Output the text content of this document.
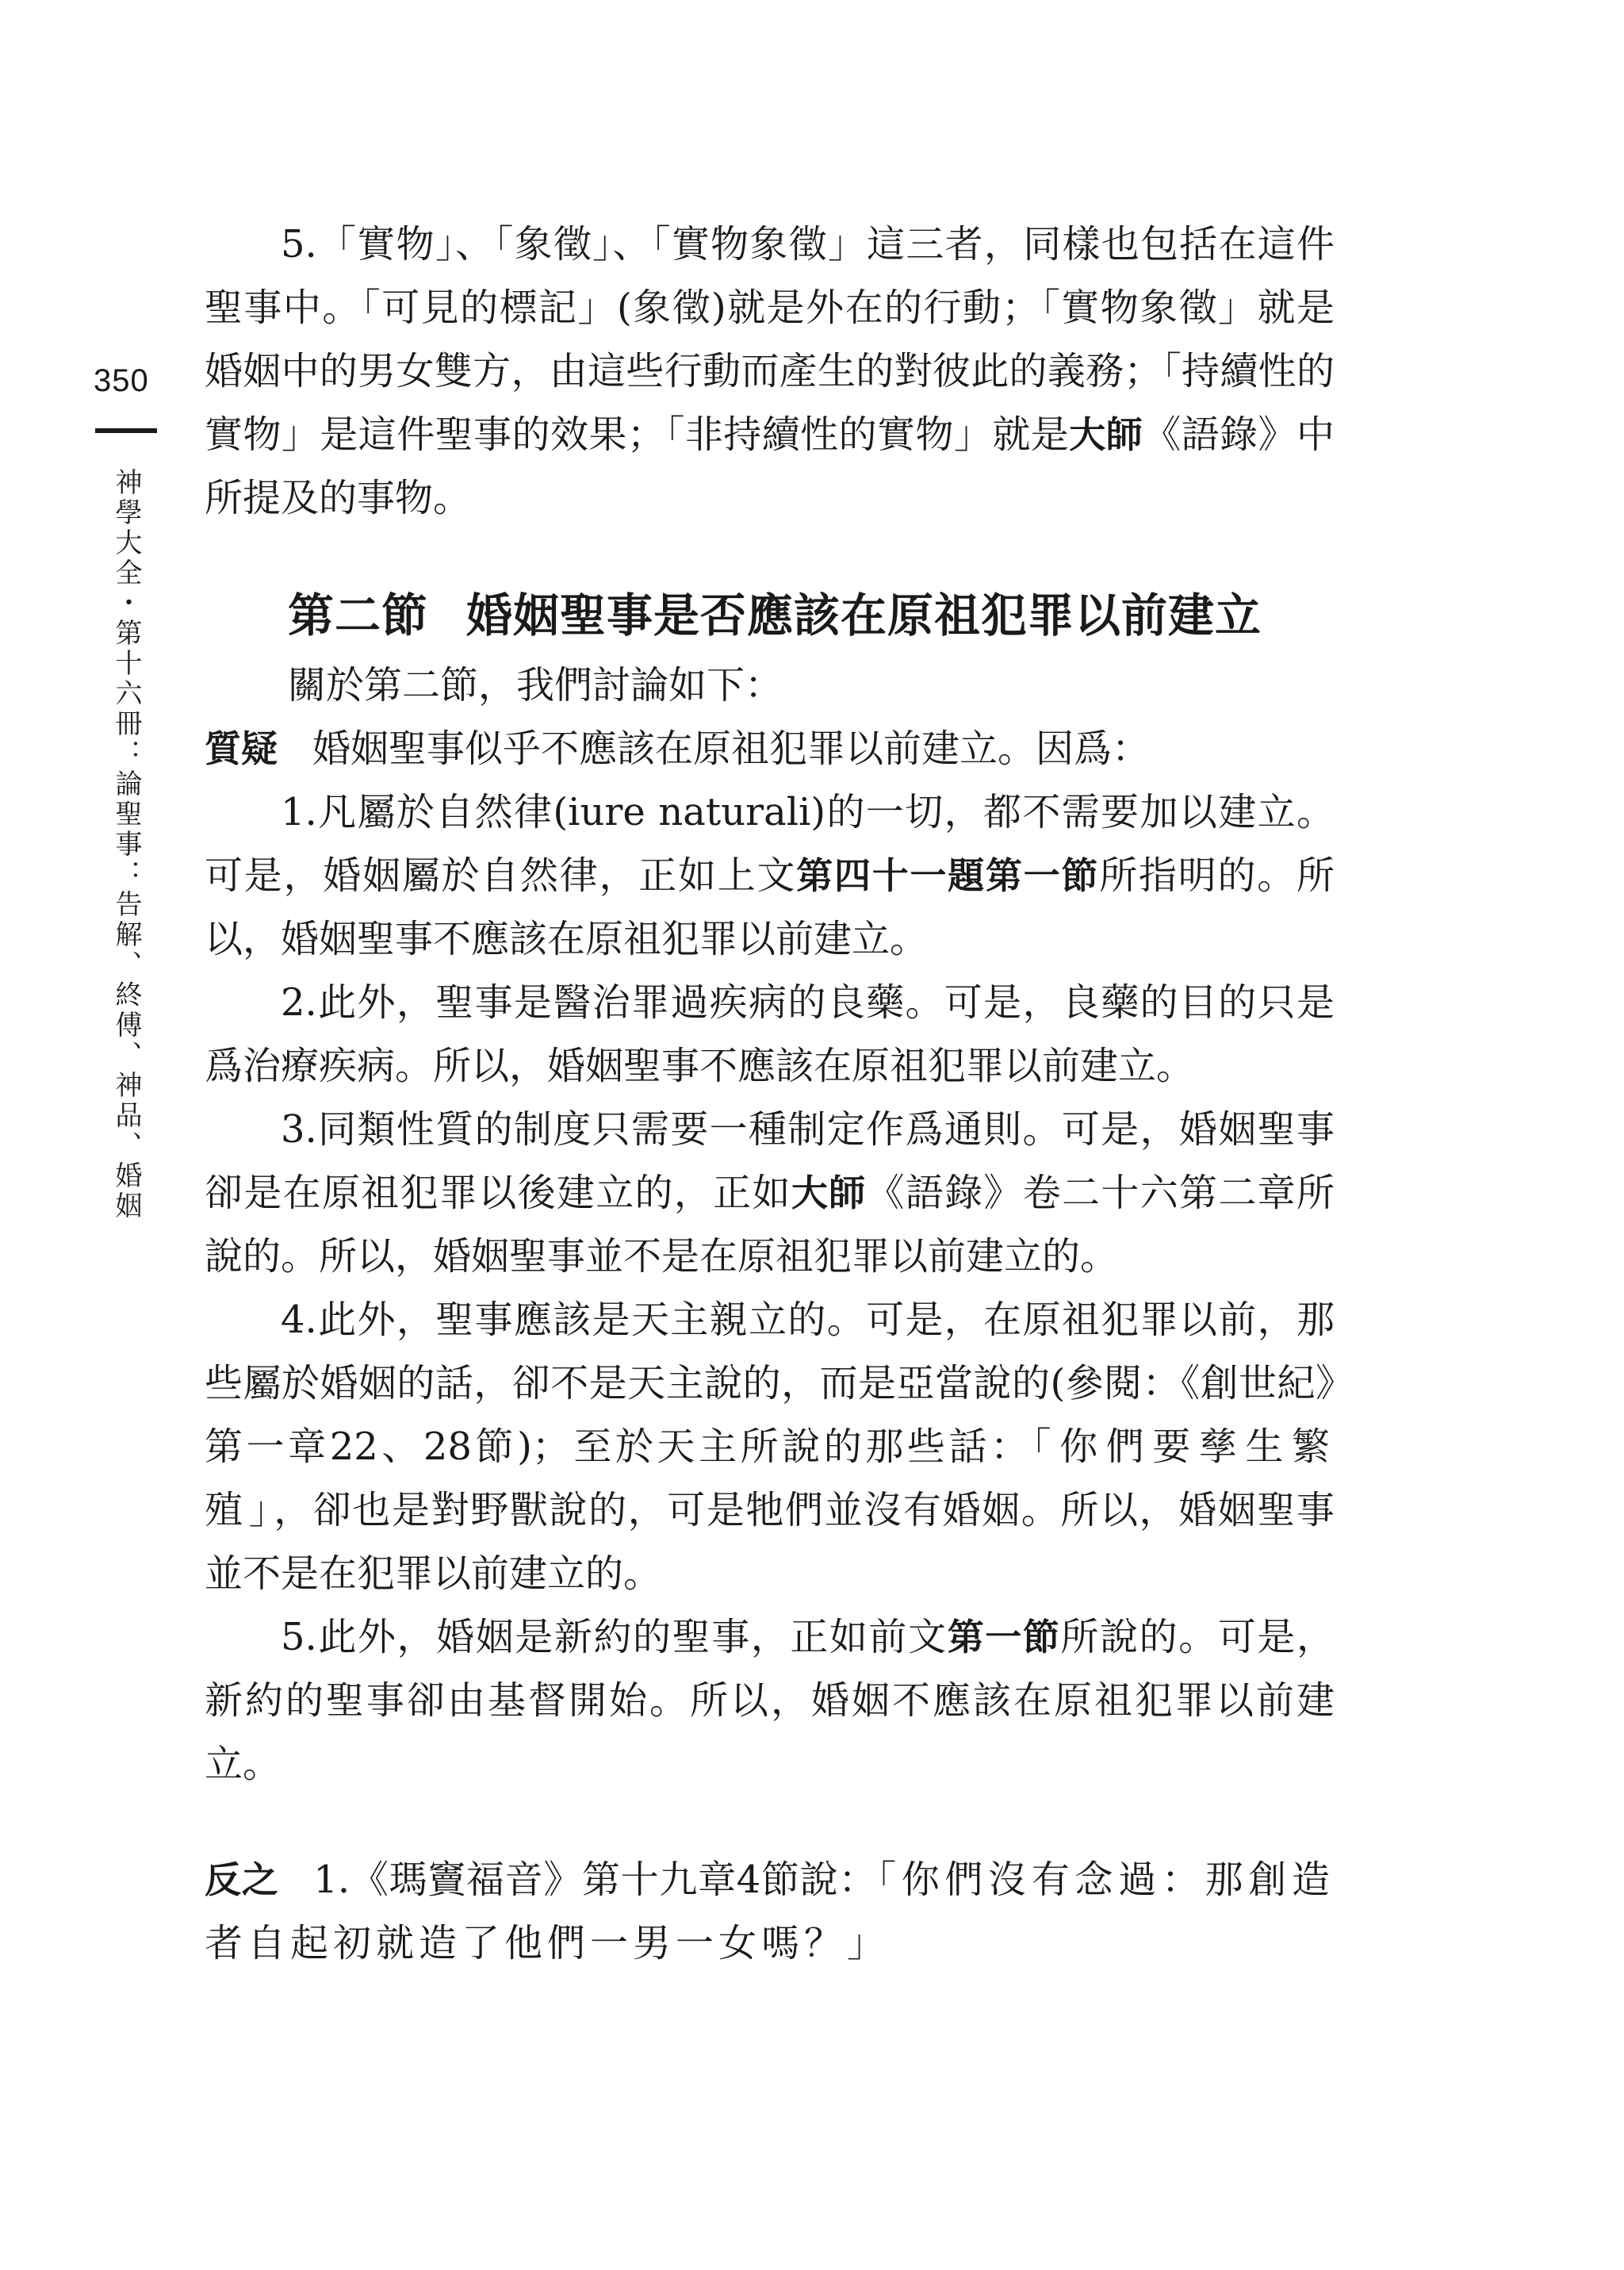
350
神學大全・第十六冊：論聖事：告解、終傅、神品、婚姻

5.「實物」、「象徵」、「實物象徵」這三者，同樣也包括在這件聖事中。「可見的標記」(象徵)就是外在的行動；「實物象徵」就是婚姻中的男女雙方，由這些行動而產生的對彼此的義務；「持續性的實物」是這件聖事的效果；「非持續性的實物」就是大師《語錄》中所提及的事物。

第二節 婚姻聖事是否應該在原祖犯罪以前建立

關於第二節，我們討論如下：

質疑 婚姻聖事似乎不應該在原祖犯罪以前建立。因爲：

1.凡屬於自然律(iure naturali)的一切，都不需要加以建立。可是，婚姻屬於自然律，正如上文第四十一題第一節所指明的。所以，婚姻聖事不應該在原祖犯罪以前建立。

2.此外，聖事是醫治罪過疾病的良藥。可是，良藥的目的只是爲治療疾病。所以，婚姻聖事不應該在原祖犯罪以前建立。

3.同類性質的制度只需要一種制定作爲通則。可是，婚姻聖事卻是在原祖犯罪以後建立的，正如大師《語錄》卷二十六第二章所說的。所以，婚姻聖事並不是在原祖犯罪以前建立的。

4.此外，聖事應該是天主親立的。可是，在原祖犯罪以前，那些屬於婚姻的話，卻不是天主說的，而是亞當說的(參閱：《創世紀》第一章22、28節)；至於天主所說的那些話：「你們要孳生繁殖」，卻也是對野獸說的，可是牠們並沒有婚姻。所以，婚姻聖事並不是在犯罪以前建立的。

5.此外，婚姻是新約的聖事，正如前文第一節所說的。可是，新約的聖事卻由基督開始。所以，婚姻不應該在原祖犯罪以前建立。

反之 1.《瑪竇福音》第十九章4節說：「你們沒有念過：那創造者自起初就造了他們一男一女嗎？」
